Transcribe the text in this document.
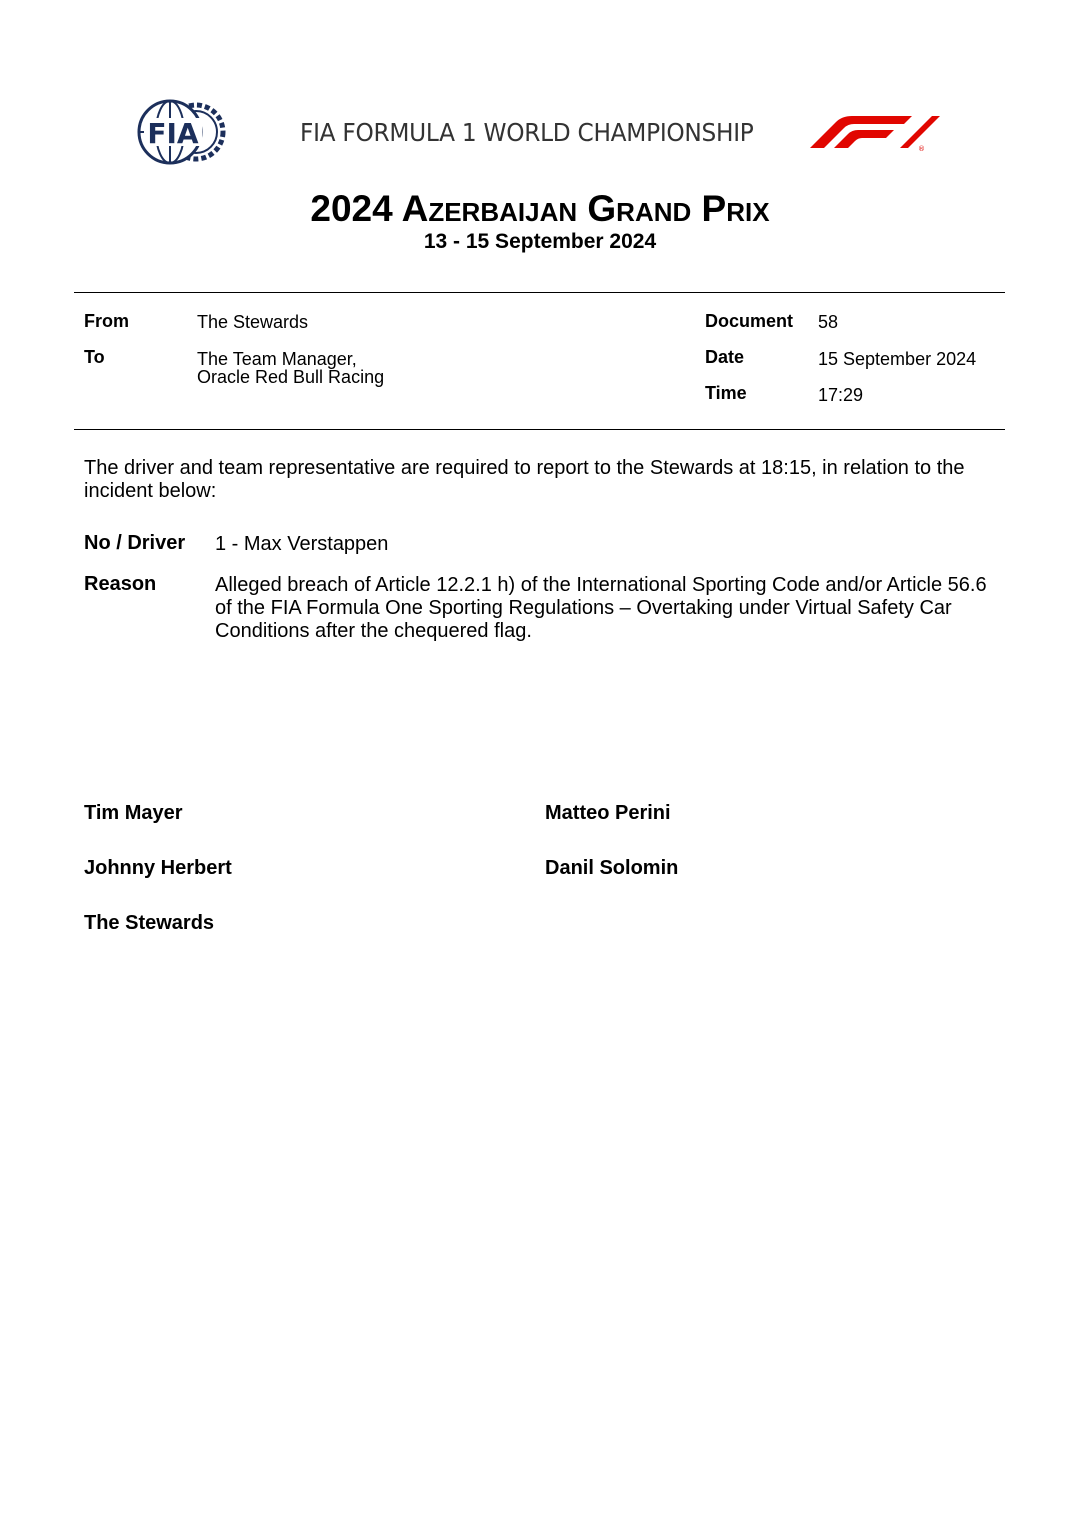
FIA	FIA FORMULA 1 WORLD CHAMPIONSHIP
®
F1
2024 Azerbaijan Grand Prix
13 - 15 September 2024
From	The Stewards
To	The Team Manager,
Oracle Red Bull Racing
Document 58
Date	15 September 2024
Time	17:29
The driver and team representative are required to report to the Stewards at 18:15, in relation to the incident below:
No / Driver 1 - Max Verstappen
Reason	Alleged breach of Article 12.2.1 h) of the International Sporting Code and/or Article 56.6 of the FIA Formula One Sporting Regulations – Overtaking under Virtual Safety Car Conditions after the chequered flag.
Tim Mayer	Matteo Perini
Johnny Herbert	Danil Solomin
The Stewards
